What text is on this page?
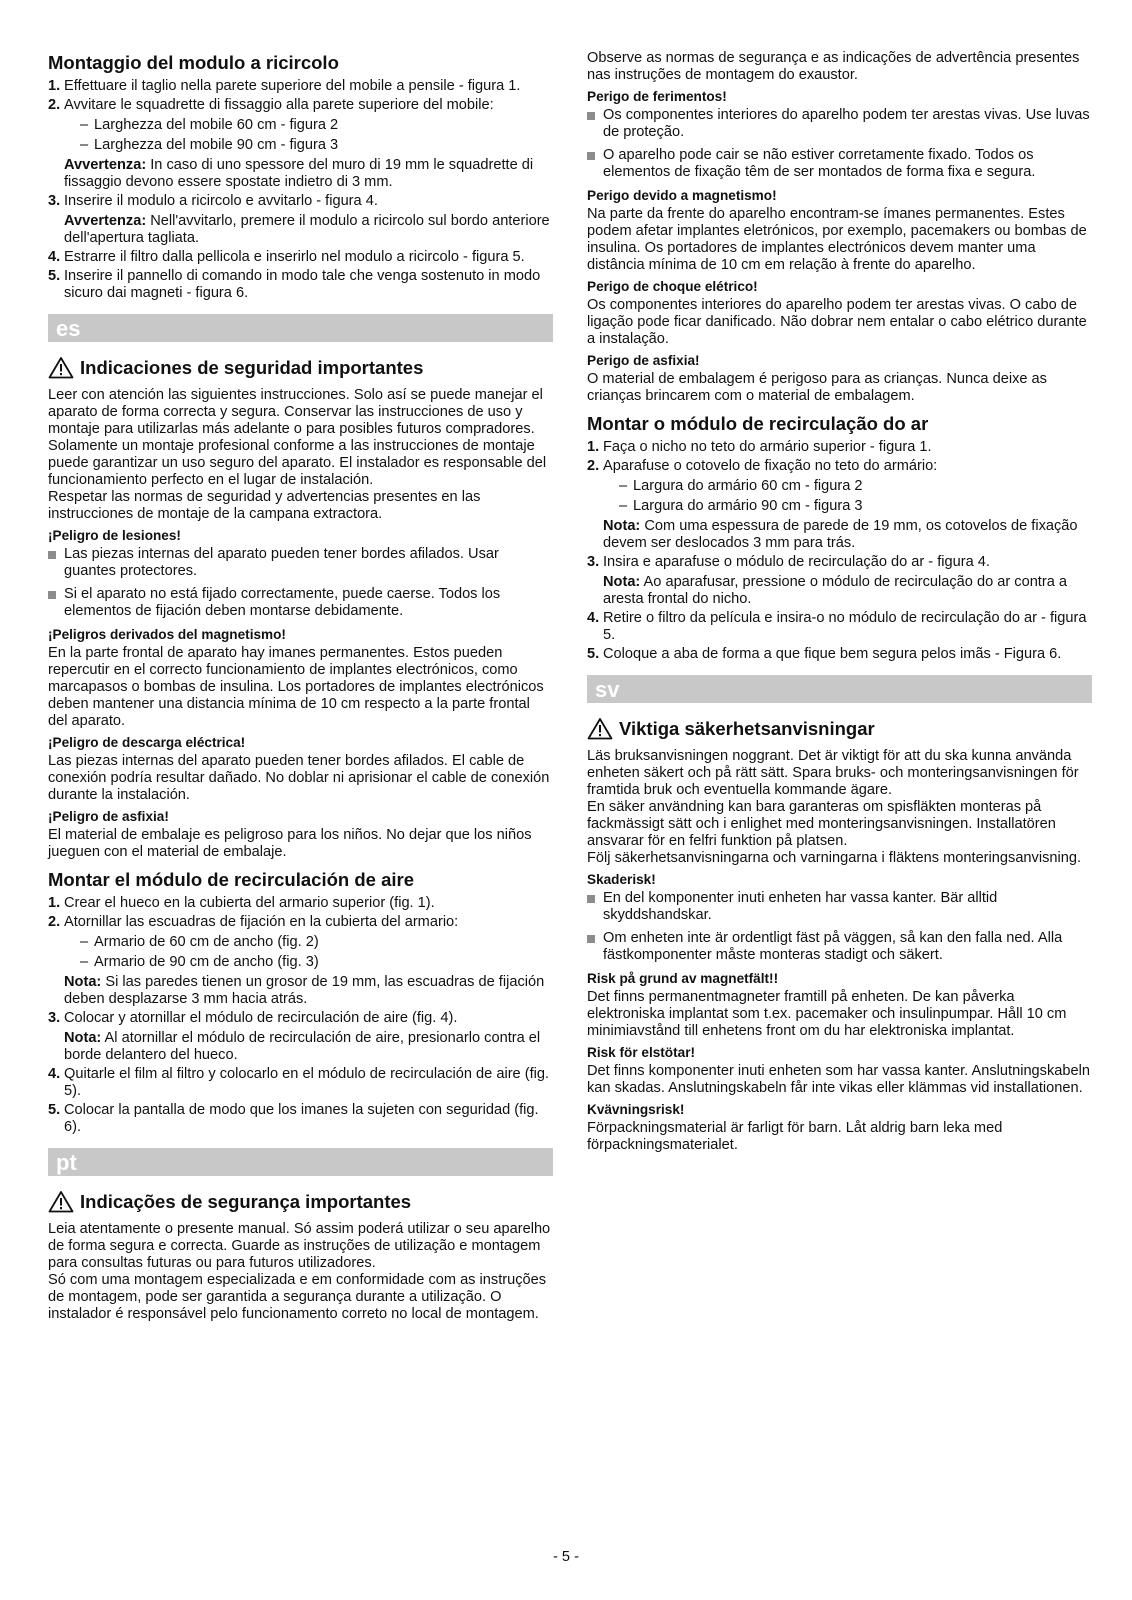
Montaggio del modulo a ricircolo
1. Effettuare il taglio nella parete superiore del mobile a pensile - figura 1.
2. Avvitare le squadrette di fissaggio alla parete superiore del mobile:
– Larghezza del mobile 60 cm - figura 2
– Larghezza del mobile 90 cm - figura 3
Avvertenza: In caso di uno spessore del muro di 19 mm le squadrette di fissaggio devono essere spostate indietro di 3 mm.
3. Inserire il modulo a ricircolo e avvitarlo - figura 4.
Avvertenza: Nell'avvitarlo, premere il modulo a ricircolo sul bordo anteriore dell'apertura tagliata.
4. Estrarre il filtro dalla pellicola e inserirlo nel modulo a ricircolo - figura 5.
5. Inserire il pannello di comando in modo tale che venga sostenuto in modo sicuro dai magneti - figura 6.
es
Indicaciones de seguridad importantes

Leer con atención las siguientes instrucciones. Solo así se puede manejar el aparato de forma correcta y segura. Conservar las instrucciones de uso y montaje para utilizarlas más adelante o para posibles futuros compradores.

Solamente un montaje profesional conforme a las instrucciones de montaje puede garantizar un uso seguro del aparato. El instalador es responsable del funcionamiento perfecto en el lugar de instalación.

Respetar las normas de seguridad y advertencias presentes en las instrucciones de montaje de la campana extractora.

¡Peligro de lesiones!
Las piezas internas del aparato pueden tener bordes afilados. Usar guantes protectores.
Si el aparato no está fijado correctamente, puede caerse. Todos los elementos de fijación deben montarse debidamente.
¡Peligros derivados del magnetismo!

En la parte frontal de aparato hay imanes permanentes. Estos pueden repercutir en el correcto funcionamiento de implantes electrónicos, como marcapasos o bombas de insulina. Los portadores de implantes electrónicos deben mantener una distancia mínima de 10 cm respecto a la parte frontal del aparato.

¡Peligro de descarga eléctrica!

Las piezas internas del aparato pueden tener bordes afilados. El cable de conexión podría resultar dañado. No doblar ni aprisionar el cable de conexión durante la instalación.

¡Peligro de asfixia!

El material de embalaje es peligroso para los niños. No dejar que los niños jueguen con el material de embalaje.

Montar el módulo de recirculación de aire
1. Crear el hueco en la cubierta del armario superior (fig. 1).
2. Atornillar las escuadras de fijación en la cubierta del armario:
– Armario de 60 cm de ancho (fig. 2)
– Armario de 90 cm de ancho (fig. 3)
Nota: Si las paredes tienen un grosor de 19 mm, las escuadras de fijación deben desplazarse 3 mm hacia atrás.
3. Colocar y atornillar el módulo de recirculación de aire (fig. 4).
Nota: Al atornillar el módulo de recirculación de aire, presionarlo contra el borde delantero del hueco.
4. Quitarle el film al filtro y colocarlo en el módulo de recirculación de aire (fig. 5).
5. Colocar la pantalla de modo que los imanes la sujeten con seguridad (fig. 6).
pt
Indicações de segurança importantes

Leia atentamente o presente manual. Só assim poderá utilizar o seu aparelho de forma segura e correcta. Guarde as instruções de utilização e montagem para consultas futuras ou para futuros utilizadores.

Só com uma montagem especializada e em conformidade com as instruções de montagem, pode ser garantida a segurança durante a utilização. O instalador é responsável pelo funcionamento correto no local de montagem.

Observe as normas de segurança e as indicações de advertência presentes nas instruções de montagem do exaustor.

Perigo de ferimentos!
Os componentes interiores do aparelho podem ter arestas vivas. Use luvas de proteção.
O aparelho pode cair se não estiver corretamente fixado. Todos os elementos de fixação têm de ser montados de forma fixa e segura.
Perigo devido a magnetismo!

Na parte da frente do aparelho encontram-se ímanes permanentes. Estes podem afetar implantes eletrónicos, por exemplo, pacemakers ou bombas de insulina. Os portadores de implantes electrónicos devem manter uma distância mínima de 10 cm em relação à frente do aparelho.

Perigo de choque elétrico!

Os componentes interiores do aparelho podem ter arestas vivas. O cabo de ligação pode ficar danificado. Não dobrar nem entalar o cabo elétrico durante a instalação.

Perigo de asfixia!

O material de embalagem é perigoso para as crianças. Nunca deixe as crianças brincarem com o material de embalagem.

Montar o módulo de recirculação do ar
1. Faça o nicho no teto do armário superior - figura 1.
2. Aparafuse o cotovelo de fixação no teto do armário:
– Largura do armário 60 cm - figura 2
– Largura do armário 90 cm - figura 3
Nota: Com uma espessura de parede de 19 mm, os cotovelos de fixação devem ser deslocados 3 mm para trás.
3. Insira e aparafuse o módulo de recirculação do ar - figura 4.
Nota: Ao aparafusar, pressione o módulo de recirculação do ar contra a aresta frontal do nicho.
4. Retire o filtro da película e insira-o no módulo de recirculação do ar - figura 5.
5. Coloque a aba de forma a que fique bem segura pelos imãs - Figura 6.
sv
Viktiga säkerhetsanvisningar

Läs bruksanvisningen noggrant. Det är viktigt för att du ska kunna använda enheten säkert och på rätt sätt. Spara bruks- och monteringsanvisningen för framtida bruk och eventuella kommande ägare.

En säker användning kan bara garanteras om spisfläkten monteras på fackmässigt sätt och i enlighet med monteringsanvisningen. Installatören ansvarar för en felfri funktion på platsen.

Följ säkerhetsanvisningarna och varningarna i fläktens monteringsanvisning.

Skaderisk!
En del komponenter inuti enheten har vassa kanter. Bär alltid skyddshandskar.
Om enheten inte är ordentligt fäst på väggen, så kan den falla ned. Alla fästkomponenter måste monteras stadigt och säkert.
Risk på grund av magnetfält!!

Det finns permanentmagneter framtill på enheten. De kan påverka elektroniska implantat som t.ex. pacemaker och insulinpumpar. Håll 10 cm minimiavstånd till enhetens front om du har elektroniska implantat.

Risk för elstötar!

Det finns komponenter inuti enheten som har vassa kanter. Anslutningskabeln kan skadas. Anslutningskabeln får inte vikas eller klämmas vid installationen.

Kvävningsrisk!

Förpackningsmaterial är farligt för barn. Låt aldrig barn leka med förpackningsmaterialet.

- 5 -
